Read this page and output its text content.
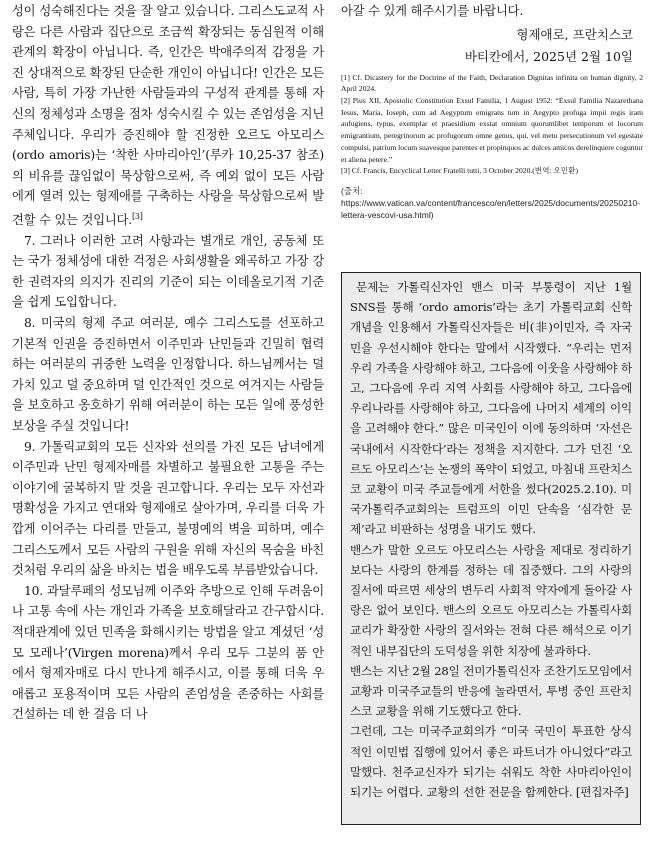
성이 성숙해진다는 것을 잘 알고 있습니다. 그리스도교적 사랑은 다른 사람과 집단으로 조금씩 확장되는 동심원적 이해관계의 확장이 아닙니다. 즉, 인간은 박애주의적 감정을 가진 상대적으로 확장된 단순한 개인이 아닙니다! 인간은 모든 사람, 특히 가장 가난한 사람들과의 구성적 관계를 통해 자신의 정체성과 소명을 점차 성숙시킬 수 있는 존엄성을 지닌 주체입니다. 우리가 증진해야 할 진정한 오르도 아모리스(ordo amoris)는 ‘착한 사마리아인’(루카 10,25-37 참조)의 비유를 끊임없이 묵상함으로써, 즉 예외 없이 모든 사람에게 열려 있는 형제애를 구축하는 사랑을 묵상함으로써 발견할 수 있는 것입니다.[3]

7. 그러나 이러한 고려 사항과는 별개로 개인, 공동체 또는 국가 정체성에 대한 걱정은 사회생활을 왜곡하고 가장 강한 권력자의 의지가 진리의 기준이 되는 이데올로기적 기준을 쉽게 도입합니다.

8. 미국의 형제 주교 여러분, 예수 그리스도를 선포하고 기본적 인권을 증진하면서 이주민과 난민들과 긴밀히 협력하는 여러분의 귀중한 노력을 인정합니다. 하느님께서는 덜 가치 있고 덜 중요하며 덜 인간적인 것으로 여겨지는 사람들을 보호하고 옹호하기 위해 여러분이 하는 모든 일에 풍성한 보상을 주실 것입니다!

9. 가톨릭교회의 모든 신자와 선의를 가진 모든 남녀에게 이주민과 난민 형제자매를 차별하고 불필요한 고통을 주는 이야기에 굴복하지 말 것을 권고합니다. 우리는 모두 자선과 명확성을 가지고 연대와 형제애로 살아가며, 우리를 더욱 가깝게 이어주는 다리를 만들고, 불명예의 벽을 피하며, 예수 그리스도께서 모든 사람의 구원을 위해 자신의 목숨을 바친 것처럼 우리의 삶을 바치는 법을 배우도록 부름받았습니다.

10. 과달루페의 성모님께 이주와 추방으로 인해 두려움이나 고통 속에 사는 개인과 가족을 보호해달라고 간구합시다. 적대관계에 있던 민족을 화해시키는 방법을 알고 계셨던 ‘성모 모레나’(Virgen morena)께서 우리 모두 그분의 품 안에서 형제자매로 다시 만나게 해주시고, 이를 통해 더욱 우애롭고 포용적이며 모든 사람의 존엄성을 존중하는 사회를 건설하는 데 한 걸음 더 나

아갈 수 있게 해주시기를 바랍니다.

형제애로, 프란치스코

바티칸에서, 2025년 2월 10일

[1] Cf. Dicastery for the Doctrine of the Faith, Declaration Dignitas infinita on human dignity, 2 April 2024.

[2] Pius XII, Apostolic Constitution Exsul Familia, 1 August 1952: “Exsul Familia Nazarethana Iesus, Maria, Ioseph, cum ad Aegyptum emigrans tum in Aegypto profuga impii regis iram aufugiens, typus, exemplar et praesidium exstat omnium quorumlibet temporum et locorum emigrantium, peregrinorum ac profugorum omne genus, qui, vel metu persecutionum vel egestate compulsi, patrium locum suavesque parentes et propinquos ac dulces amicos derelinquere coguntur et aliena petere.”

[3] Cf. Francis, Encyclical Letter Fratelli tutti, 3 October 2020.(번역: 오민환)

(출처: https://www.vatican.va/content/francesco/en/letters/2025/documents/20250210-lettera-vescovi-usa.html)

문제는 가톨릭신자인 밴스 미국 부통령이 지난 1월 SNS를 통해 ‘ordo amoris’라는 초기 가톨릭교회 신학 개념을 인용해서 가톨릭신자들은 비(非)이민자, 즉 자국민을 우선시해야 한다는 말에서 시작했다. “우리는 먼저 우리 가족을 사랑해야 하고, 그다음에 이웃을 사랑해야 하고, 그다음에 우리 지역 사회를 사랑해야 하고, 그다음에 우리나라를 사랑해야 하고, 그다음에 나머지 세계의 이익을 고려해야 한다.” 많은 미국인이 이에 동의하며 ‘자선은 국내에서 시작한다’라는 정책을 지지한다. 그가 던진 ‘오르도 아모리스’는 논쟁의 폭약이 되었고, 마침내 프란치스코 교황이 미국 주교들에게 서한을 썼다(2025.2.10). 미국가톨릭주교회의는 트럼프의 이민 단속을 ‘심각한 문제’라고 비판하는 성명을 내기도 했다.

밴스가 말한 오르도 아모리스는 사랑을 제대로 정리하기보다는 사랑의 한계를 정하는 데 집중했다. 그의 사랑의 질서에 따르면 세상의 변두리 사회적 약자에게 돌아갈 사랑은 없어 보인다. 밴스의 오르도 아모리스는 가톨릭사회교리가 확장한 사랑의 질서와는 전혀 다른 해석으로 이기적인 내부집단의 도덕성을 위한 치장에 불과하다.

밴스는 지난 2월 28일 전미가톨릭신자 조찬기도모임에서 교황과 미국주교들의 반응에 놀라면서, 투병 중인 프란치스코 교황을 위해 기도했다고 한다.

그런데, 그는 미국주교회의가 “미국 국민이 투표한 상식적인 이민법 집행에 있어서 좋은 파트너가 아니었다”라고 말했다. 천주교신자가 되기는 쉬워도 착한 사마리아인이 되기는 어렵다. 교황의 선한 전문을 함께한다. [편집자주]
